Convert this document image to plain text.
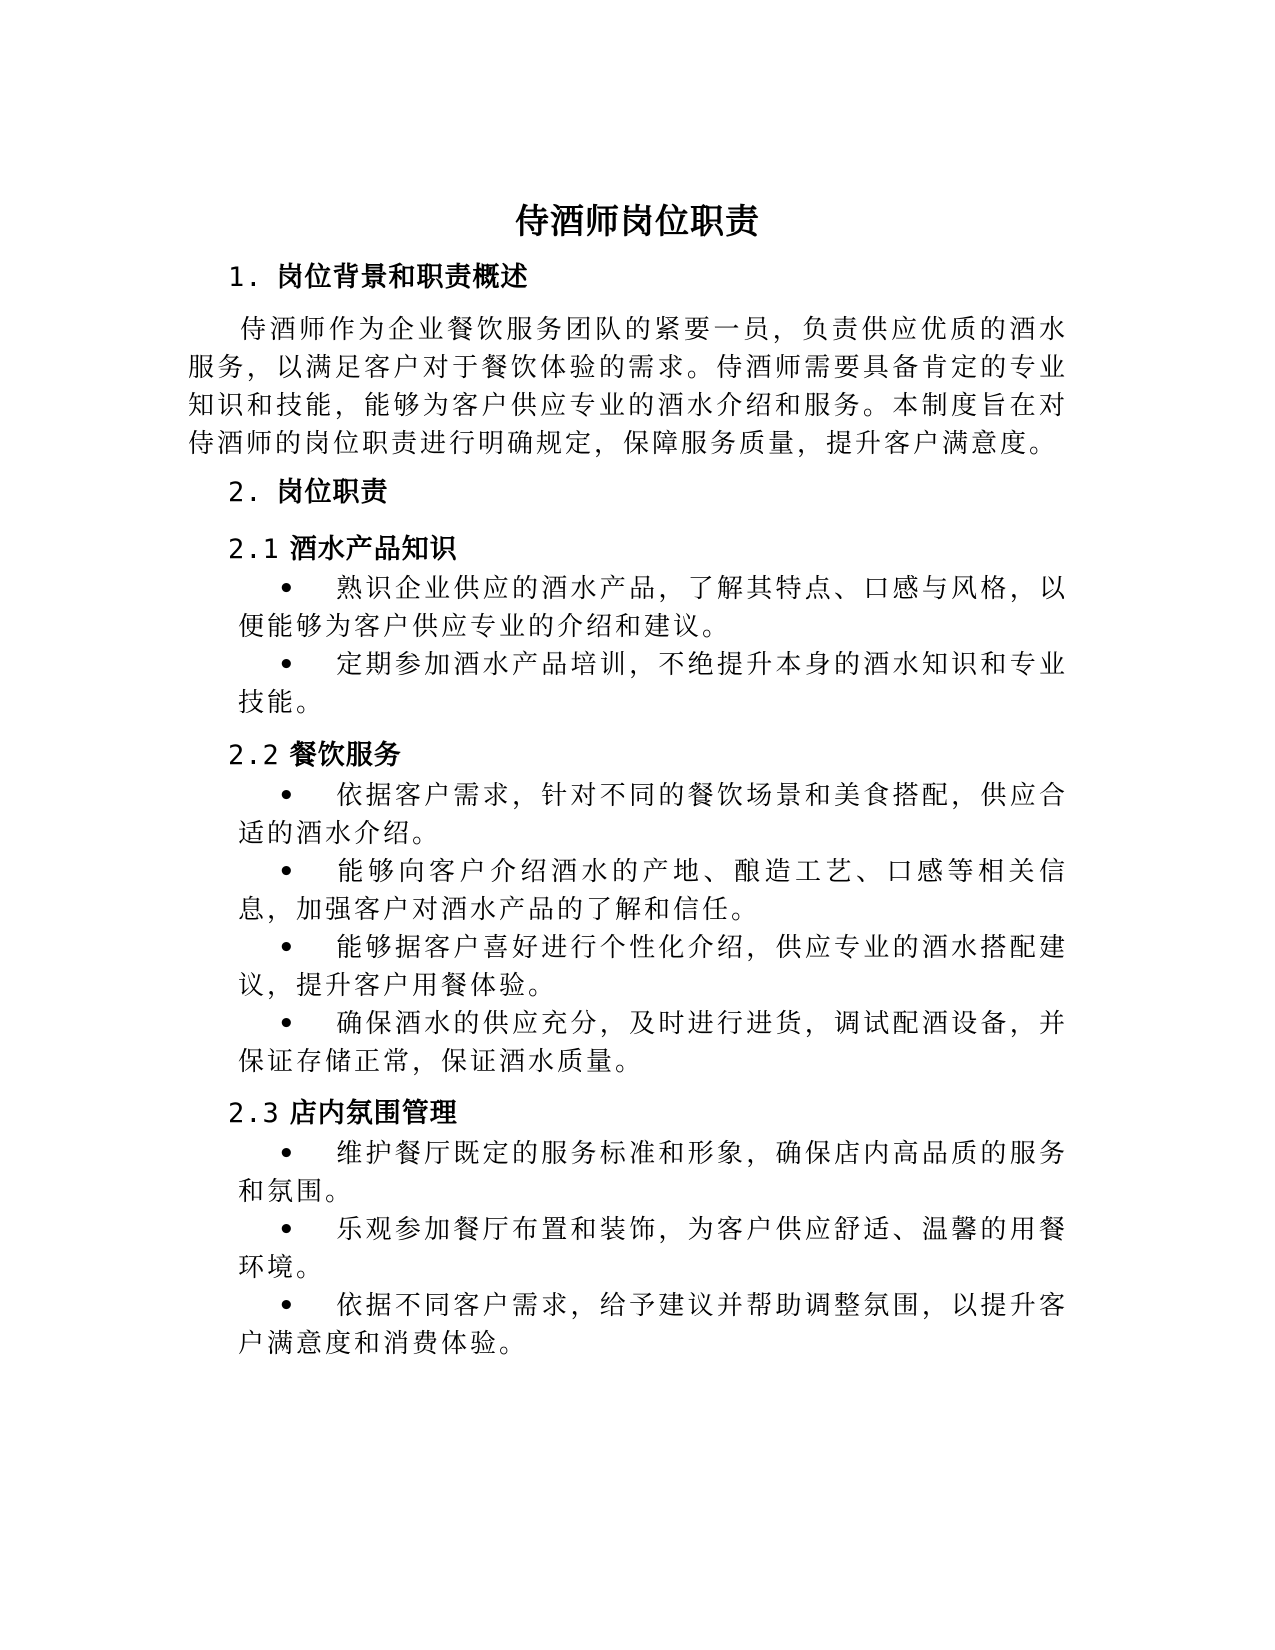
侍酒师岗位职责
1. 岗位背景和职责概述
侍酒师作为企业餐饮服务团队的紧要一员，负责供应优质的酒水服务，以满足客户对于餐饮体验的需求。侍酒师需要具备肯定的专业知识和技能，能够为客户供应专业的酒水介绍和服务。本制度旨在对侍酒师的岗位职责进行明确规定，保障服务质量，提升客户满意度。
2. 岗位职责
2.1 酒水产品知识
• 熟识企业供应的酒水产品，了解其特点、口感与风格，以便能够为客户供应专业的介绍和建议。
• 定期参加酒水产品培训，不绝提升本身的酒水知识和专业技能。
2.2 餐饮服务
• 依据客户需求，针对不同的餐饮场景和美食搭配，供应合适的酒水介绍。
• 能够向客户介绍酒水的产地、酿造工艺、口感等相关信息，加强客户对酒水产品的了解和信任。
• 能够据客户喜好进行个性化介绍，供应专业的酒水搭配建议，提升客户用餐体验。
• 确保酒水的供应充分，及时进行进货，调试配酒设备，并保证存储正常，保证酒水质量。
2.3 店内氛围管理
• 维护餐厅既定的服务标准和形象，确保店内高品质的服务和氛围。
• 乐观参加餐厅布置和装饰，为客户供应舒适、温馨的用餐环境。
• 依据不同客户需求，给予建议并帮助调整氛围，以提升客户满意度和消费体验。
